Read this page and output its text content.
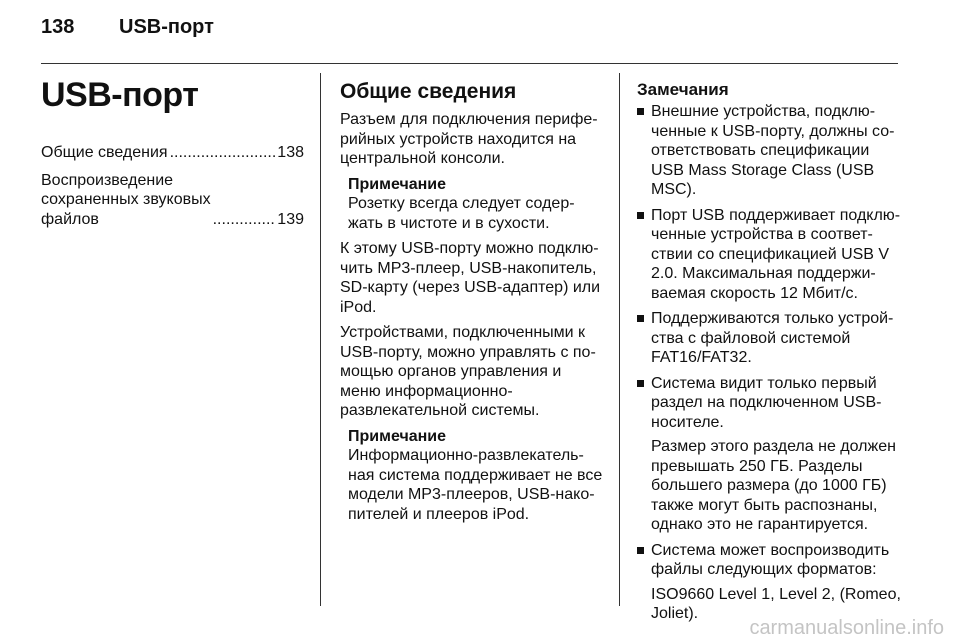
138 USB-порт
USB-порт
Общие сведения .....	138
Воспроизведение
сохраненных звуковых
файлов .....	139
Общие сведения

Разъем для подключения перифе-рийных устройств находится на центральной консоли.

Примечание
Розетку всегда следует содер-жать в чистоте и в сухости.

К этому USB-порту можно подклю-чить MP3-плеер, USB-накопитель, SD-карту (через USB-адаптер) или iPod.

Устройствами, подключенными к USB-порту, можно управлять с по-мощью органов управления и меню информационно-развлекательной системы.

Примечание
Информационно-развлекатель-ная система поддерживает не все модели MP3-плееров, USB-нако-пителей и плееров iPod.
Замечания
Внешние устройства, подклю-ченные к USB-порту, должны со-ответствовать спецификации USB Mass Storage Class (USB MSC).
Порт USB поддерживает подклю-ченные устройства в соответ-ствии со спецификацией USB V 2.0. Максимальная поддержи-ваемая скорость 12 Мбит/с.
Поддерживаются только устрой-ства с файловой системой FAT16/FAT32.
Система видит только первый раздел на подключенном USB-носителе.
Размер этого раздела не должен превышать 250 ГБ. Разделы большего размера (до 1000 ГБ) также могут быть распознаны, однако это не гарантируется.
Система может воспроизводить файлы следующих форматов:
ISO9660 Level 1, Level 2, (Romeo, Joliet).
carmanualsonline.info
